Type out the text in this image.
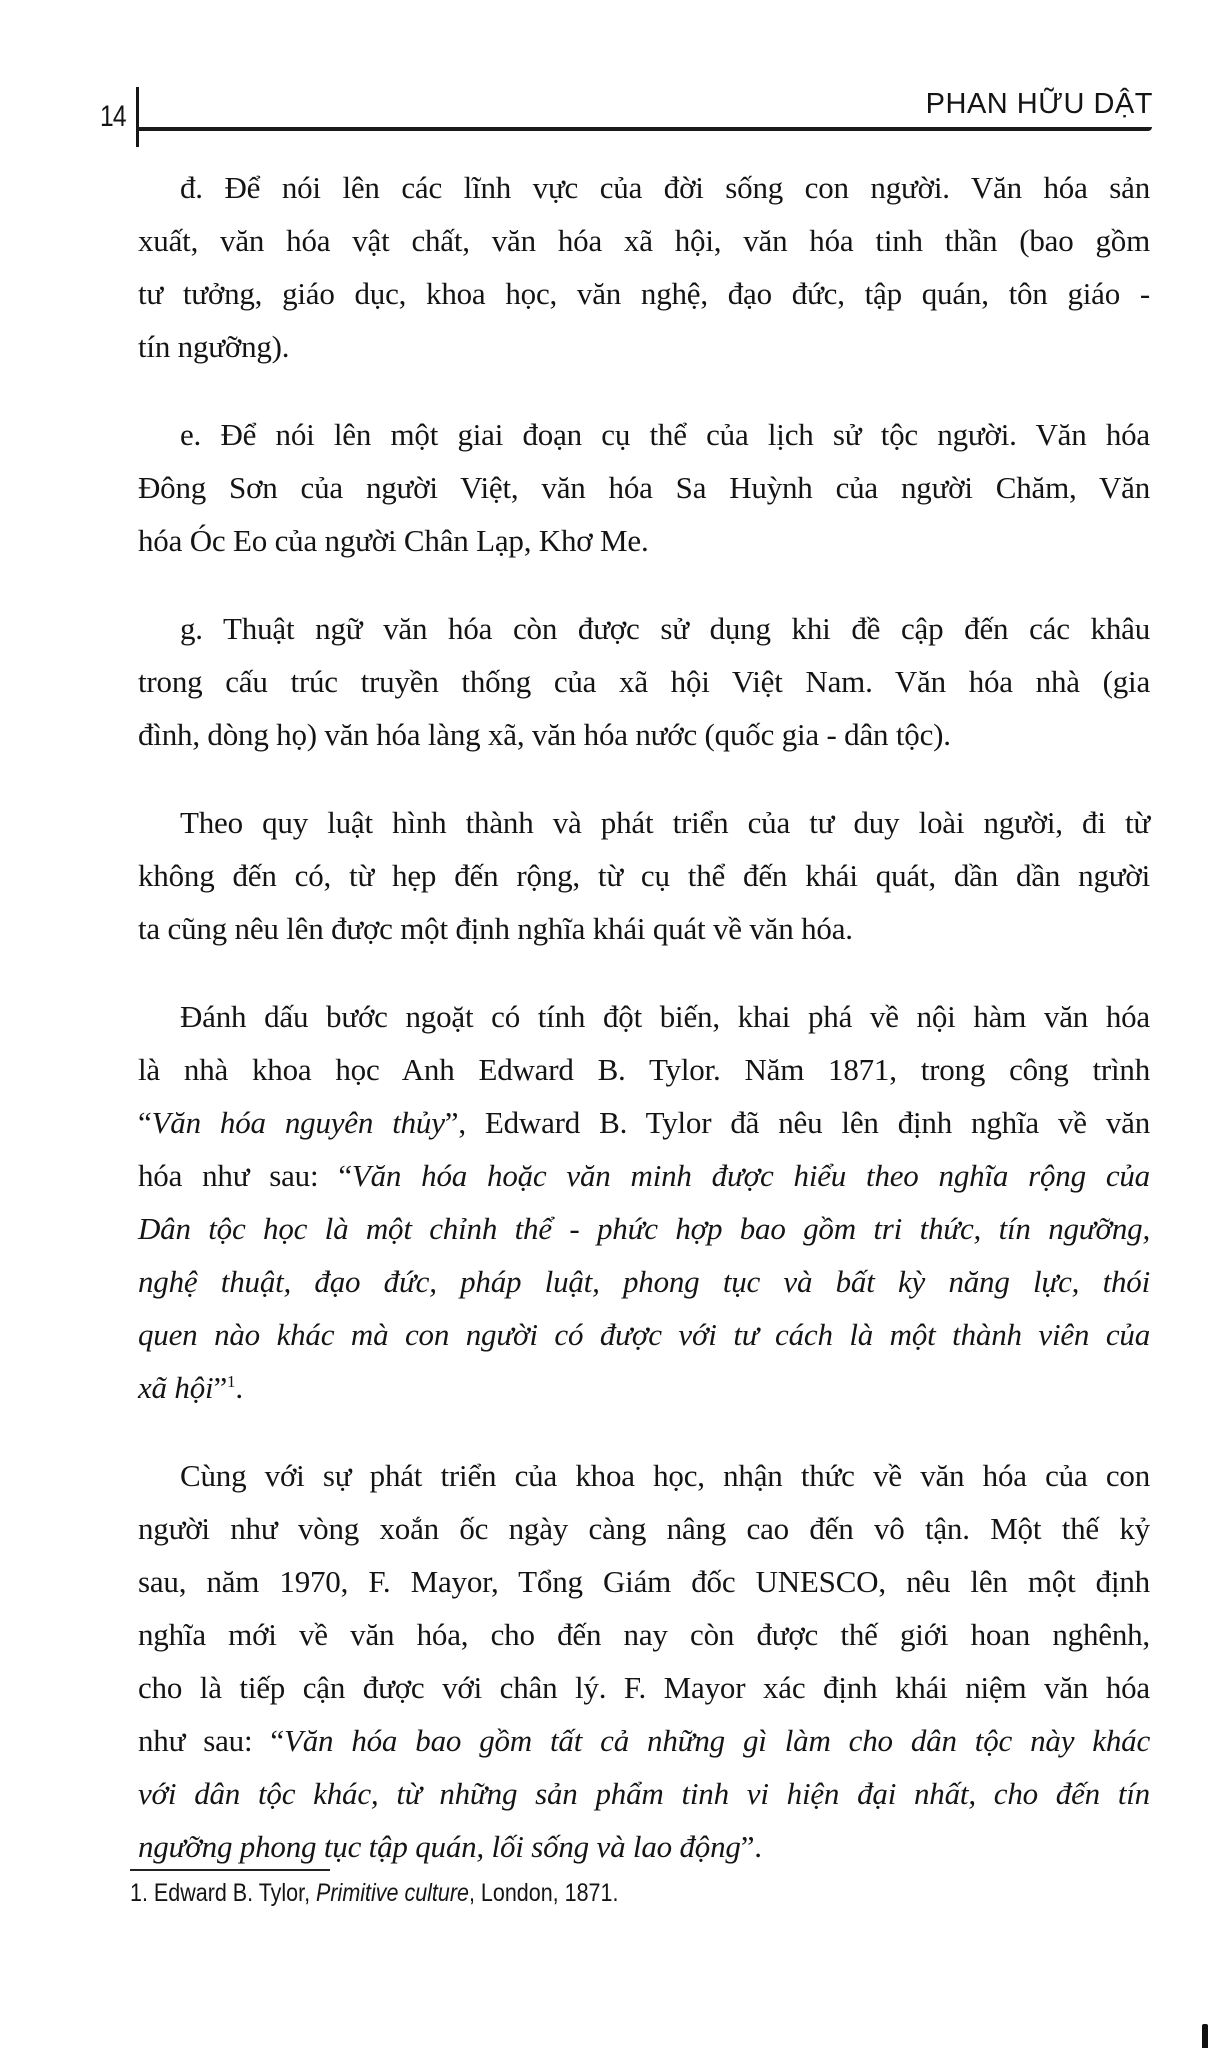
14	PHAN HỮU DẬT
đ. Để nói lên các lĩnh vực của đời sống con người. Văn hóa sản
xuất, văn hóa vật chất, văn hóa xã hội, văn hóa tinh thần (bao gồm
tư tưởng, giáo dục, khoa học, văn nghệ, đạo đức, tập quán, tôn giáo -
tín ngưỡng).
e. Để nói lên một giai đoạn cụ thể của lịch sử tộc người. Văn hóa
Đông Sơn của người Việt, văn hóa Sa Huỳnh của người Chăm, Văn
hóa Óc Eo của người Chân Lạp, Khơ Me.
g. Thuật ngữ văn hóa còn được sử dụng khi đề cập đến các khâu
trong cấu trúc truyền thống của xã hội Việt Nam. Văn hóa nhà (gia
đình, dòng họ) văn hóa làng xã, văn hóa nước (quốc gia - dân tộc).
Theo quy luật hình thành và phát triển của tư duy loài người, đi từ
không đến có, từ hẹp đến rộng, từ cụ thể đến khái quát, dần dần người
ta cũng nêu lên được một định nghĩa khái quát về văn hóa.
Đánh dấu bước ngoặt có tính đột biến, khai phá về nội hàm văn hóa
là nhà khoa học Anh Edward B. Tylor. Năm 1871, trong công trình
“Văn hóa nguyên thủy”, Edward B. Tylor đã nêu lên định nghĩa về văn
hóa như sau: “Văn hóa hoặc văn minh được hiểu theo nghĩa rộng của
Dân tộc học là một chỉnh thể - phức hợp bao gồm tri thức, tín ngưỡng,
nghệ thuật, đạo đức, pháp luật, phong tục và bất kỳ năng lực, thói
quen nào khác mà con người có được với tư cách là một thành viên của
xã hội”$^1$.
Cùng với sự phát triển của khoa học, nhận thức về văn hóa của con
người như vòng xoắn ốc ngày càng nâng cao đến vô tận. Một thế kỷ
sau, năm 1970, F. Mayor, Tổng Giám đốc UNESCO, nêu lên một định
nghĩa mới về văn hóa, cho đến nay còn được thế giới hoan nghênh,
cho là tiếp cận được với chân lý. F. Mayor xác định khái niệm văn hóa
như sau: “Văn hóa bao gồm tất cả những gì làm cho dân tộc này khác
với dân tộc khác, từ những sản phẩm tinh vi hiện đại nhất, cho đến tín
ngưỡng phong tục tập quán, lối sống và lao động”.
1. Edward B. Tylor, Primitive culture, London, 1871.
